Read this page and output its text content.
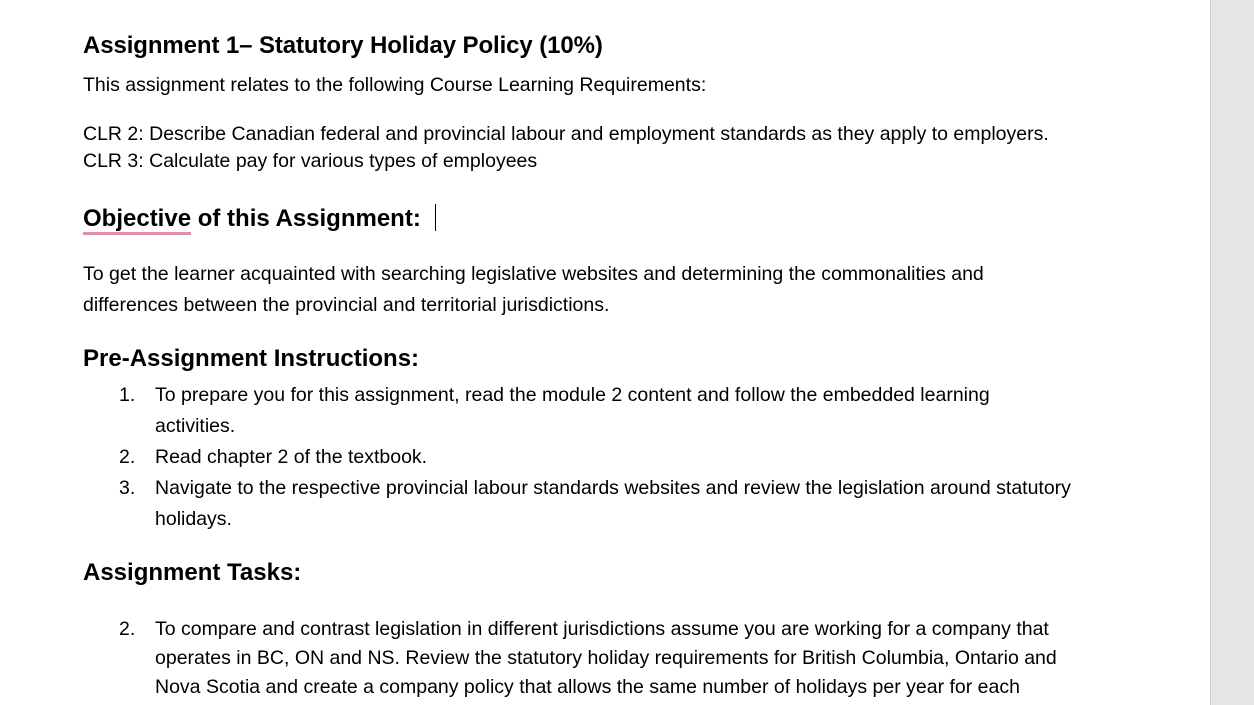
Assignment 1– Statutory Holiday Policy (10%)
This assignment relates to the following Course Learning Requirements:
CLR 2: Describe Canadian federal and provincial labour and employment standards as they apply to employers.
CLR 3: Calculate pay for various types of employees
Objective of this Assignment:
To get the learner acquainted with searching legislative websites and determining the commonalities and
differences between the provincial and territorial jurisdictions.
Pre-Assignment Instructions:
1. To prepare you for this assignment, read the module 2 content and follow the embedded learning
activities.
2. Read chapter 2 of the textbook.
3. Navigate to the respective provincial labour standards websites and review the legislation around statutory
holidays.
Assignment Tasks:
2. To compare and contrast legislation in different jurisdictions assume you are working for a company that
operates in BC, ON and NS. Review the statutory holiday requirements for British Columbia, Ontario and
Nova Scotia and create a company policy that allows the same number of holidays per year for each
